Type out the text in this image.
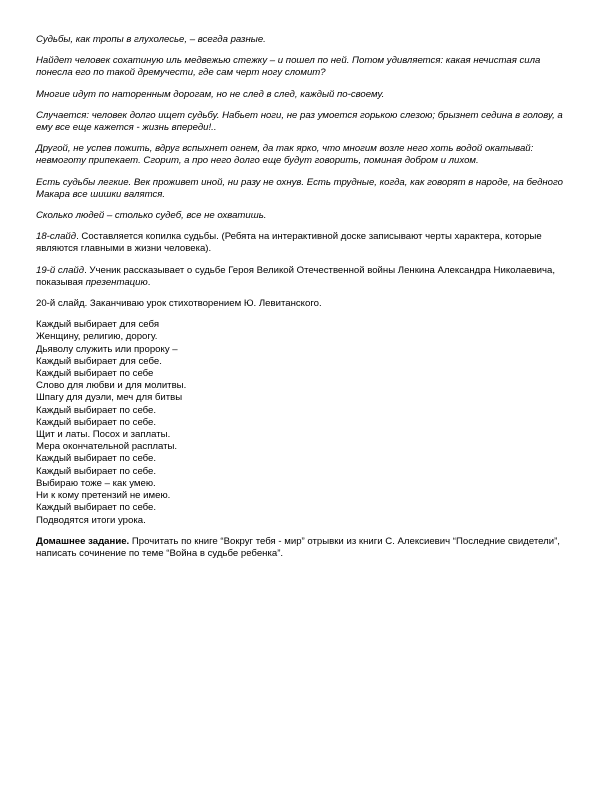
Судьбы, как тропы в глухолесье, – всегда разные.

Найдет человек сохатиную иль медвежью стежку – и пошел по ней. Потом удивляется: какая нечистая сила понесла его по такой дремучести, где сам черт ногу сломит?

Многие идут по наторенным дорогам, но не след в след, каждый по-своему.

Случается: человек долго ищет судьбу. Набьет ноги, не раз умоется горькою слезою; брызнет седина в голову, а ему все еще кажется - жизнь впереди!..

Другой, не успев пожить, вдруг вспыхнет огнем, да так ярко, что многим возле него хоть водой окатывай: невмоготу припекает. Сгорит, а про него долго еще будут говорить, поминая добром и лихом.

Есть судьбы легкие. Век проживет иной, ни разу не охнув. Есть трудные, когда, как говорят в народе, на бедного Макара все шишки валятся.

Сколько людей – столько судеб, все не охватишь.

18-слайд. Составляется копилка судьбы. (Ребята на интерактивной доске записывают черты характера, которые являются главными в жизни человека).

19-й слайд. Ученик рассказывает о судьбе Героя Великой Отечественной войны Ленкина Александра Николаевича, показывая презентацию.

20-й слайд. Заканчиваю урок стихотворением Ю. Левитанского.

Каждый выбирает для себя
Женщину, религию, дорогу.
Дьяволу служить или пророку –
Каждый выбирает для себе.
Каждый выбирает по себе
Слово для любви и для молитвы.
Шпагу для дуэли, меч для битвы
Каждый выбирает по себе.
Каждый выбирает по себе.
Щит и латы. Посох и заплаты.
Мера окончательной расплаты.
Каждый выбирает по себе.
Каждый выбирает по себе.
Выбираю тоже – как умею.
Ни к кому претензий не имею.
Каждый выбирает по себе.
Подводятся итоги урока.

Домашнее задание. Прочитать по книге “Вокруг тебя - мир” отрывки из книги С. Алексиевич “Последние свидетели”, написать сочинение по теме “Война в судьбе ребенка”.
